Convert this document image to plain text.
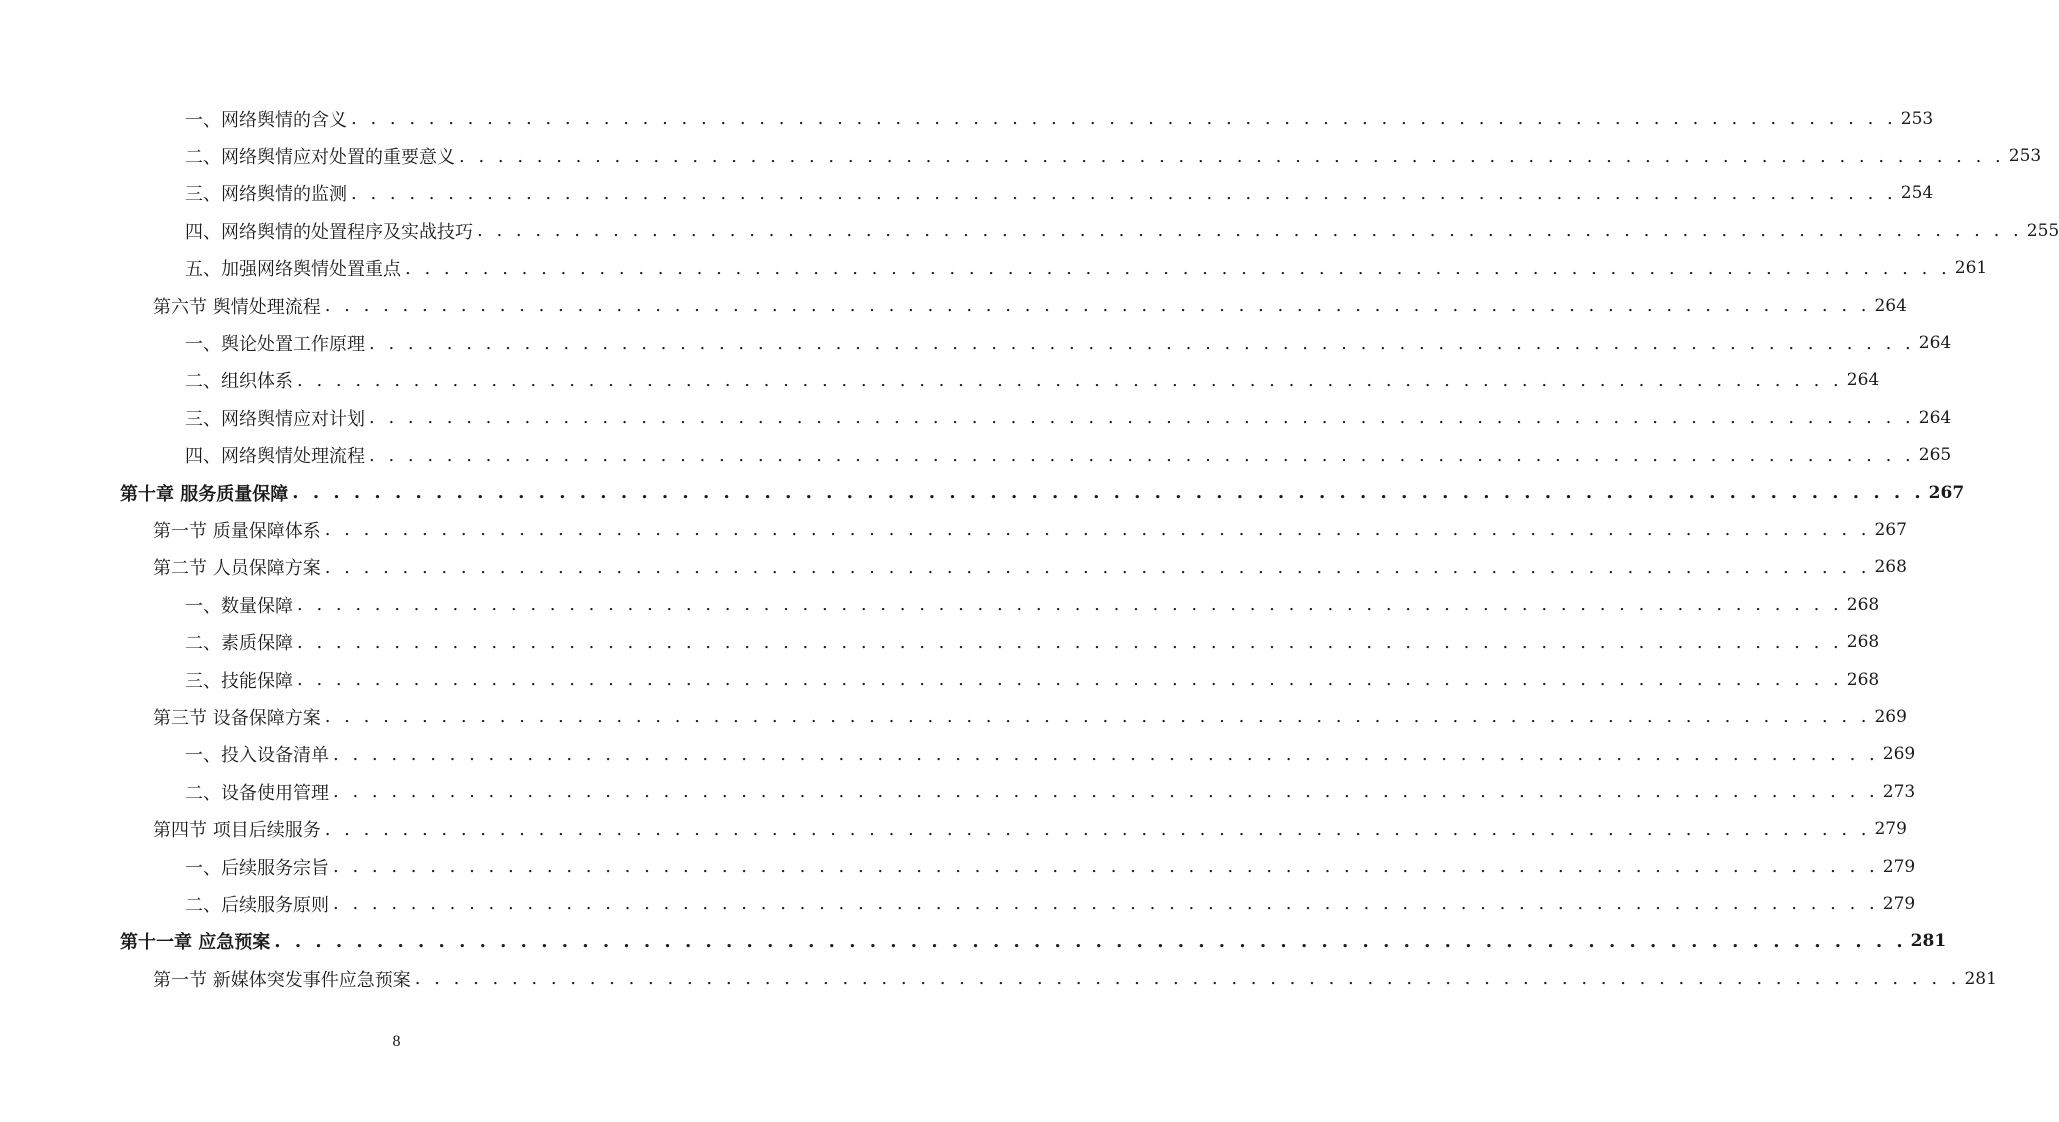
一、网络舆情的含义 . . . . . . . . . . . . . . . . . . . . . . . . . . . . . . . . . . . . . . . . . . . . . . . . . . . . . . . . . . . . . . . . . . . . . . . . . . . . . . . . 253
二、网络舆情应对处置的重要意义 . . . . . . . . . . . . . . . . . . . . . . . . . . . . . . . . . . . . . . . . . . . . . . . . . . . . . . . . . . . . . . . . . . . . . . . . . . . . . . . . 253
三、网络舆情的监测 . . . . . . . . . . . . . . . . . . . . . . . . . . . . . . . . . . . . . . . . . . . . . . . . . . . . . . . . . . . . . . . . . . . . . . . . . . . . . . . . 254
四、网络舆情的处置程序及实战技巧 . . . . . . . . . . . . . . . . . . . . . . . . . . . . . . . . . . . . . . . . . . . . . . . . . . . . . . . . . . . . . . . . . . . . . . . . . . . . . . . . 255
五、加强网络舆情处置重点 . . . . . . . . . . . . . . . . . . . . . . . . . . . . . . . . . . . . . . . . . . . . . . . . . . . . . . . . . . . . . . . . . . . . . . . . . . . . . . . . 261
第六节 舆情处理流程 . . . . . . . . . . . . . . . . . . . . . . . . . . . . . . . . . . . . . . . . . . . . . . . . . . . . . . . . . . . . . . . . . . . . . . . . . . . . . . . . 264
一、舆论处置工作原理 . . . . . . . . . . . . . . . . . . . . . . . . . . . . . . . . . . . . . . . . . . . . . . . . . . . . . . . . . . . . . . . . . . . . . . . . . . . . . . . . 264
二、组织体系 . . . . . . . . . . . . . . . . . . . . . . . . . . . . . . . . . . . . . . . . . . . . . . . . . . . . . . . . . . . . . . . . . . . . . . . . . . . . . . . . 264
三、网络舆情应对计划 . . . . . . . . . . . . . . . . . . . . . . . . . . . . . . . . . . . . . . . . . . . . . . . . . . . . . . . . . . . . . . . . . . . . . . . . . . . . . . . . 264
四、网络舆情处理流程 . . . . . . . . . . . . . . . . . . . . . . . . . . . . . . . . . . . . . . . . . . . . . . . . . . . . . . . . . . . . . . . . . . . . . . . . . . . . . . . . 265
第十章 服务质量保障 . . . . . . . . . . . . . . . . . . . . . . . . . . . . . . . . . . . . . . . . . . . . . . . . . . . . . . . . . . . . . . . . . . . . . . . . . . . . . . . . 267
第一节 质量保障体系 . . . . . . . . . . . . . . . . . . . . . . . . . . . . . . . . . . . . . . . . . . . . . . . . . . . . . . . . . . . . . . . . . . . . . . . . . . . . . . . . 267
第二节 人员保障方案 . . . . . . . . . . . . . . . . . . . . . . . . . . . . . . . . . . . . . . . . . . . . . . . . . . . . . . . . . . . . . . . . . . . . . . . . . . . . . . . . 268
一、数量保障 . . . . . . . . . . . . . . . . . . . . . . . . . . . . . . . . . . . . . . . . . . . . . . . . . . . . . . . . . . . . . . . . . . . . . . . . . . . . . . . . 268
二、素质保障 . . . . . . . . . . . . . . . . . . . . . . . . . . . . . . . . . . . . . . . . . . . . . . . . . . . . . . . . . . . . . . . . . . . . . . . . . . . . . . . . 268
三、技能保障 . . . . . . . . . . . . . . . . . . . . . . . . . . . . . . . . . . . . . . . . . . . . . . . . . . . . . . . . . . . . . . . . . . . . . . . . . . . . . . . . 268
第三节 设备保障方案 . . . . . . . . . . . . . . . . . . . . . . . . . . . . . . . . . . . . . . . . . . . . . . . . . . . . . . . . . . . . . . . . . . . . . . . . . . . . . . . . 269
一、投入设备清单 . . . . . . . . . . . . . . . . . . . . . . . . . . . . . . . . . . . . . . . . . . . . . . . . . . . . . . . . . . . . . . . . . . . . . . . . . . . . . . . . 269
二、设备使用管理 . . . . . . . . . . . . . . . . . . . . . . . . . . . . . . . . . . . . . . . . . . . . . . . . . . . . . . . . . . . . . . . . . . . . . . . . . . . . . . . . 273
第四节 项目后续服务 . . . . . . . . . . . . . . . . . . . . . . . . . . . . . . . . . . . . . . . . . . . . . . . . . . . . . . . . . . . . . . . . . . . . . . . . . . . . . . . . 279
一、后续服务宗旨 . . . . . . . . . . . . . . . . . . . . . . . . . . . . . . . . . . . . . . . . . . . . . . . . . . . . . . . . . . . . . . . . . . . . . . . . . . . . . . . . 279
二、后续服务原则 . . . . . . . . . . . . . . . . . . . . . . . . . . . . . . . . . . . . . . . . . . . . . . . . . . . . . . . . . . . . . . . . . . . . . . . . . . . . . . . . 279
第十一章 应急预案 . . . . . . . . . . . . . . . . . . . . . . . . . . . . . . . . . . . . . . . . . . . . . . . . . . . . . . . . . . . . . . . . . . . . . . . . . . . . . . . . 281
第一节 新媒体突发事件应急预案 . . . . . . . . . . . . . . . . . . . . . . . . . . . . . . . . . . . . . . . . . . . . . . . . . . . . . . . . . . . . . . . . . . . . . . . . . . . . . . . . 281
8
